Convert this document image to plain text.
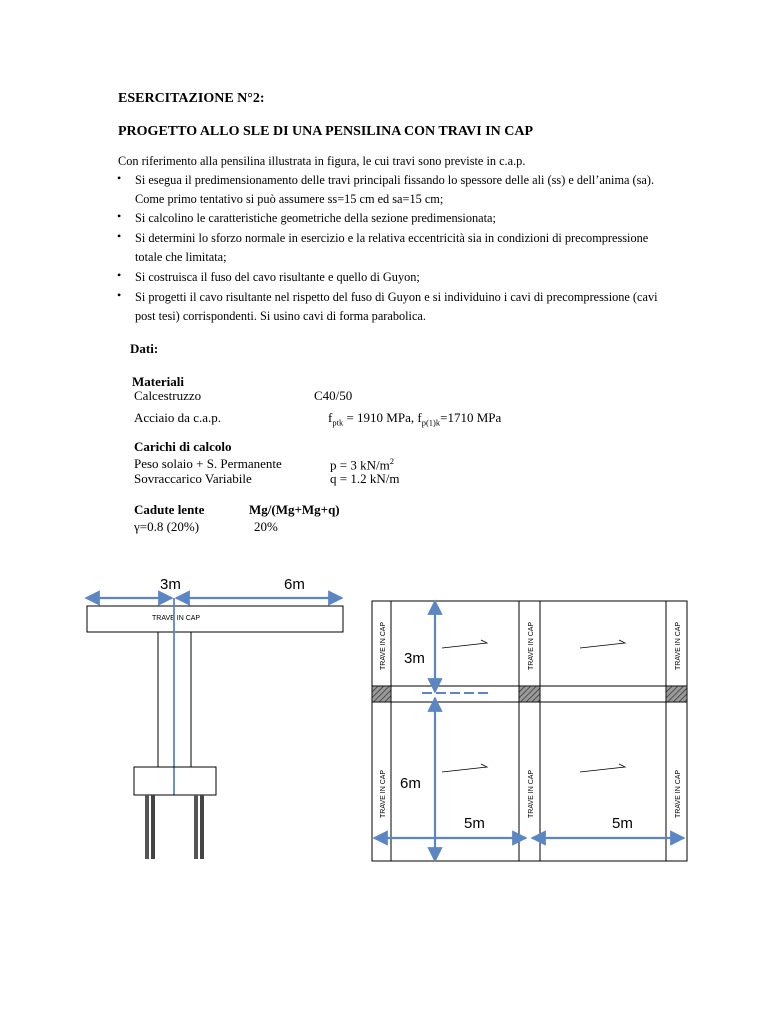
ESERCITAZIONE N°2:
PROGETTO ALLO SLE DI UNA PENSILINA CON TRAVI IN CAP
Con riferimento alla pensilina illustrata in figura, le cui travi sono previste in c.a.p.
• Si esegua il predimensionamento delle travi principali fissando lo spessore delle ali (ss) e dell’anima (sa).
Come primo tentativo si può assumere ss=15 cm ed sa=15 cm;
• Si calcolino le caratteristiche geometriche della sezione predimensionata;
• Si determini lo sforzo normale in esercizio e la relativa eccentricità sia in condizioni di precompressione
totale che limitata;
• Si costruisca il fuso del cavo risultante e quello di Guyon;
• Si progetti il cavo risultante nel rispetto del fuso di Guyon e si individuino i cavi di precompressione (cavi
post tesi) corrispondenti. Si usino cavi di forma parabolica.
Dati:
Materiali
Calcestruzzo	C40/50
Acciaio da c.a.p.	$f_{ptk} = 1910$ MPa, $f_{p(1)k}=1710$ MPa
Carichi di calcolo
Peso solaio + S. Permanente	p = 3 $kN/m^2$
Sovraccarico Variabile	q = 1.2 kN/m
Cadute lente	Mg/(Mg+Mg+q)
γ=0.8 (20%)	20%
3m	6m
TRAVE IN CAP
TRAVE IN CAP	TRAVE IN CAP	TRAVE IN CAP
TRAVE IN CAP	TRAVE IN CAP	TRAVE IN CAP
3m
6m
5m	5m
